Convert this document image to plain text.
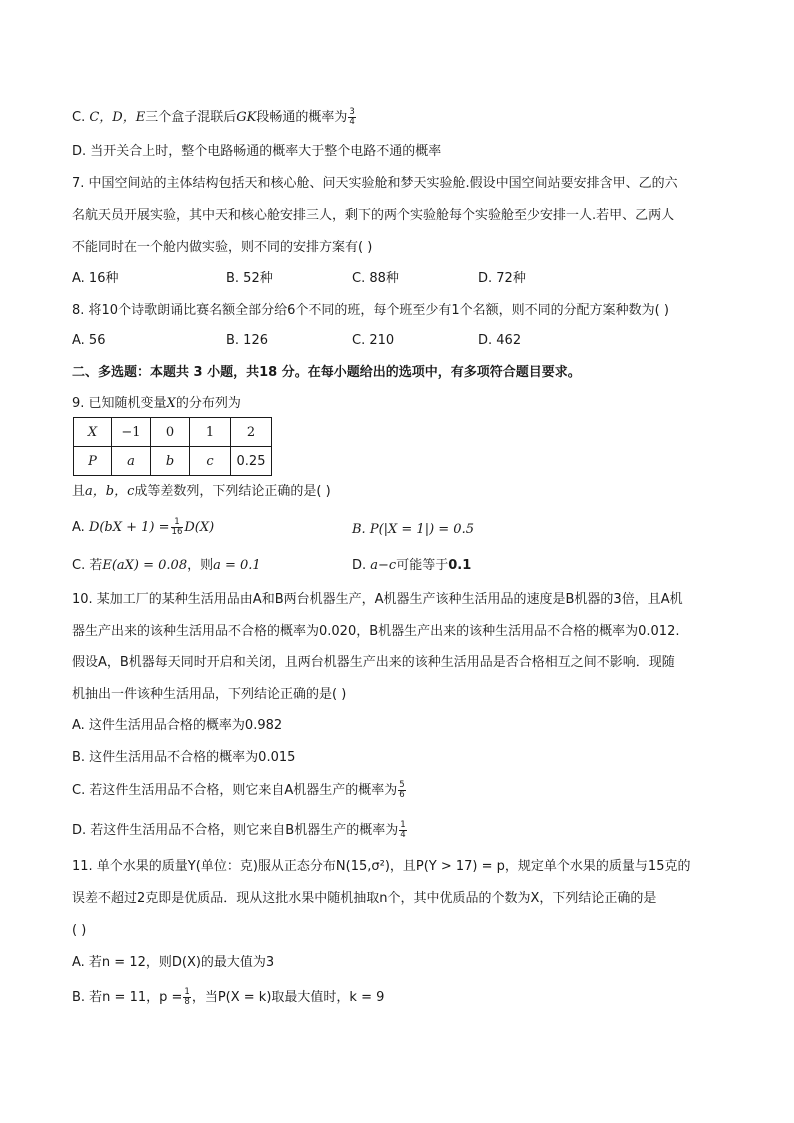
C. C，D，E三个盒子混联后GK段畅通的概率为 $\frac{3}{4}$
D. 当开关合上时，整个电路畅通的概率大于整个电路不通的概率
7. 中国空间站的主体结构包括天和核心舱、问天实验舱和梦天实验舱.假设中国空间站要安排含甲、乙的六
名航天员开展实验，其中天和核心舱安排三人，剩下的两个实验舱每个实验舱至少安排一人.若甲、乙两人
不能同时在一个舱内做实验，则不同的安排方案有( )
A. 16种	B. 52种	C. 88种	D. 72种
8. 将10个诗歌朗诵比赛名额全部分给6个不同的班，每个班至少有1个名额，则不同的分配方案种数为( )
A. 56	B. 126	C. 210	D. 462
二、多选题：本题共 3 小题，共18 分。在每小题给出的选项中，有多项符合题目要求。
9. 已知随机变量X的分布列为
X	−1	0	1	2
P	a	b	c	0.25
且a，b，c成等差数列，下列结论正确的是( )
A. $D(bX + 1) = \frac{1}{16} D(X)$	B. P(|X = 1|) = 0.5
C. 若E(aX) = 0.08，则a = 0.1	D. a−c可能等于0.1
10. 某加工厂的某种生活用品由A和B两台机器生产，A机器生产该种生活用品的速度是B机器的3倍，且A机
器生产出来的该种生活用品不合格的概率为0.020，B机器生产出来的该种生活用品不合格的概率为0.012.
假设A，B机器每天同时开启和关闭，且两台机器生产出来的该种生活用品是否合格相互之间不影响．现随
机抽出一件该种生活用品，下列结论正确的是( )
A. 这件生活用品合格的概率为0.982
B. 这件生活用品不合格的概率为0.015
C. 若这件生活用品不合格，则它来自A机器生产的概率为 $\frac{5}{6}$
D. 若这件生活用品不合格，则它来自B机器生产的概率为 $\frac{1}{4}$
11. 单个水果的质量Y(单位：克)服从正态分布N(15,σ²)，且P(Y > 17) = p，规定单个水果的质量与15克的
误差不超过2克即是优质品．现从这批水果中随机抽取n个，其中优质品的个数为X，下列结论正确的是
( )
A. 若n = 12，则D(X)的最大值为3
B. 若n = 11，$p = \frac{1}{8}$ ，当P(X = k)取最大值时，k = 9
